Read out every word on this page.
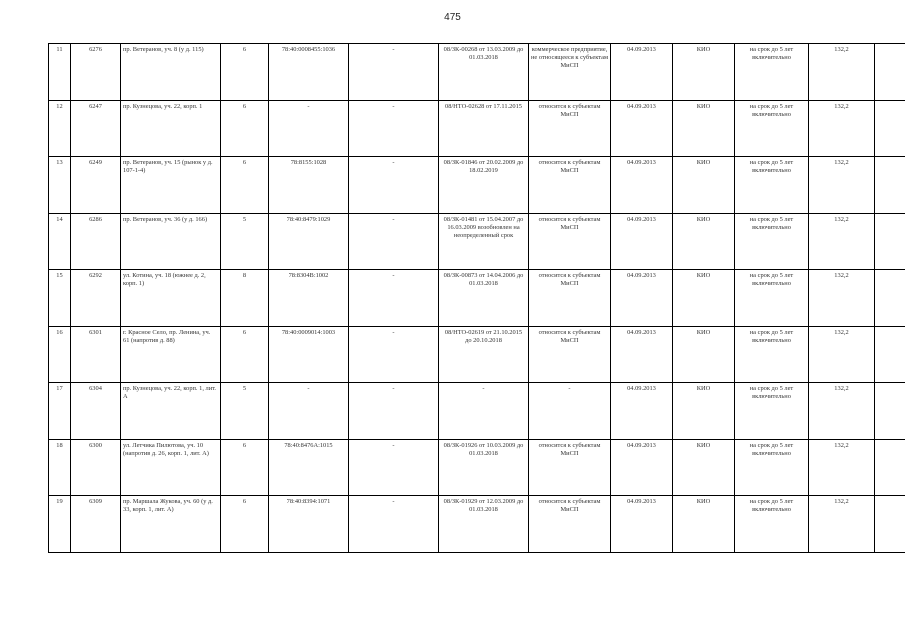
475
11	6276	пр. Ветеранов, уч. 8 (у д. 115)	6	78:40:0008455:1036	-	08/ЗК-00268 от 13.03.2009 до 01.03.2018	коммерческое предприятие, не относящееся к субъектам МиСП	04.09.2013	КИО	на срок до 5 лет включительно	132,2	
12	6247	пр. Кузнецова, уч. 22, корп. 1	6	-	-	08/НТО-02628 от 17.11.2015	относится к субъектам МиСП	04.09.2013	КИО	на срок до 5 лет включительно	132,2	
13	6249	пр. Ветеранов, уч. 15 (рынок у д. 107-1-4)	6	78:8155:1028	-	08/ЗК-01846 от 20.02.2009 до 18.02.2019	относится к субъектам МиСП	04.09.2013	КИО	на срок до 5 лет включительно	132,2	
14	6286	пр. Ветеранов, уч. 36 (у д. 166)	5	78:40:8479:1029	-	08/ЗК-01481 от 15.04.2007 до 16.03.2009 возобновлен на неопределенный срок	относится к субъектам МиСП	04.09.2013	КИО	на срок до 5 лет включительно	132,2	
15	6292	ул. Котина, уч. 18 (южнее д. 2, корп. 1)	8	78:8304В:1002	-	08/ЗК-00873 от 14.04.2006 до 01.03.2018	относится к субъектам МиСП	04.09.2013	КИО	на срок до 5 лет включительно	132,2	
16	6301	г. Красное Село, пр. Ленина, уч. 61 (напротив д. 88)	6	78:40:0009014:1003	-	08/НТО-02619 от 21.10.2015 до 20.10.2018	относится к субъектам МиСП	04.09.2013	КИО	на срок до 5 лет включительно	132,2	
17	6304	пр. Кузнецова, уч. 22, корп. 1, лит. А	5	-	-	-	-	04.09.2013	КИО	на срок до 5 лет включительно	132,2	
18	6300	ул. Летчика Пилютова, уч. 10 (напротив д. 26, корп. 1, лит. А)	6	78:40:8476А:1015	-	08/ЗК-01926 от 10.03.2009 до 01.03.2018	относится к субъектам МиСП	04.09.2013	КИО	на срок до 5 лет включительно	132,2	
19	6309	пр. Маршала Жукова, уч. 60 (у д. 33, корп. 1, лит. А)	6	78:40:8394:1071	-	08/ЗК-01929 от 12.03.2009 до 01.03.2018	относится к субъектам МиСП	04.09.2013	КИО	на срок до 5 лет включительно	132,2	
